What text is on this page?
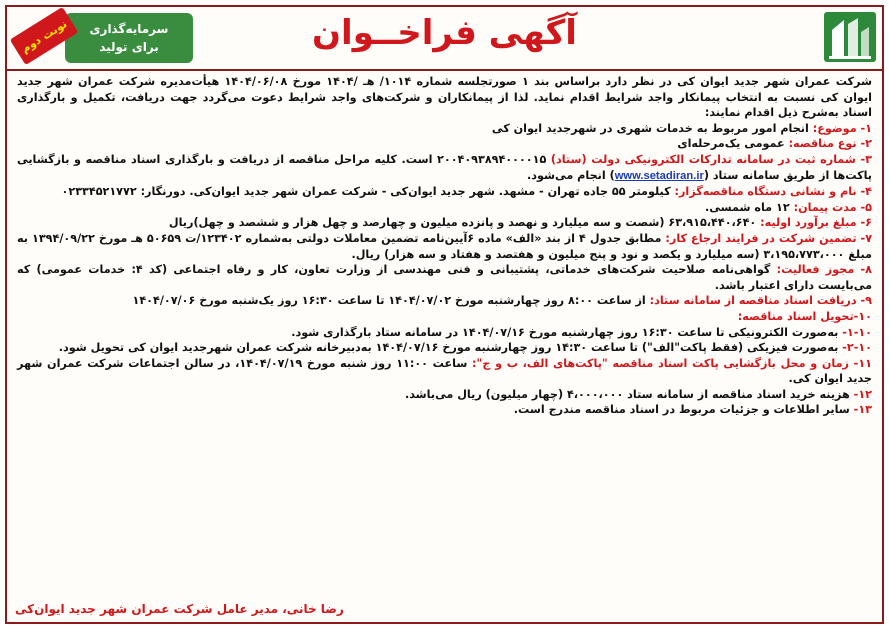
آگهی فراخــوان
سرمایه‌گذاری
برای تولید
نوبت دوم

شرکت عمران شهر جدید ایوان کی در نظر دارد براساس بند ۱ صورتجلسه شماره ۱۰۱۴/ هـ /۱۴۰۴ مورخ ۱۴۰۴/۰۶/۰۸ هیأت‌مدیره شرکت عمران شهر جدید ایوان کی نسبت به انتخاب پیمانکار واجد شرایط اقدام نماید. لذا از پیمانکاران و شرکت‌های واجد شرایط دعوت می‌گردد جهت دریافت، تکمیل و بارگذاری اسناد به‌شرح ذیل اقدام نمایند:

۱- موضوع: انجام امور مربوط به خدمات شهری در شهرجدید ایوان کی

۲- نوع مناقصه: عمومی یک‌مرحله‌ای

۳- شماره ثبت در سامانه تدارکات الکترونیکی دولت (ستاد) ۲۰۰۴۰۹۳۸۹۴۰۰۰۰۱۵ است. کلیه مراحل مناقصه از دریافت و بارگذاری اسناد مناقصه و بازگشایی پاکت‌ها از طریق سامانه ستاد (www.setadiran.ir) انجام می‌شود.

۴- نام و نشانی دستگاه مناقصه‌گزار: کیلومتر ۵۵ جاده تهران - مشهد. شهر جدید ایوان‌کی - شرکت عمران شهر جدید ایوان‌کی. دورنگار: ۰۲۳۳۴۵۲۱۷۷۲

۵- مدت پیمان: ۱۲ ماه شمسی.

۶- مبلغ برآورد اولیه: ۶۳،۹۱۵،۴۴۰،۶۴۰ (شصت و سه میلیارد و نهصد و پانزده میلیون و چهارصد و چهل هزار و ششصد و چهل)ریال

۷- تضمین شرکت در فرایند ارجاع کار: مطابق جدول ۴ از بند «الف» ماده ۶آیین‌نامه تضمین معاملات دولتی به‌شماره ۱۲۳۴۰۲/ت ۵۰۶۵۹ هـ مورخ ۱۳۹۴/۰۹/۲۲ به مبلغ ۳،۱۹۵،۷۷۳،۰۰۰ (سه میلیارد و یکصد و نود و پنج میلیون و هفتصد و هفتاد و سه هزار) ریال.

۸- مجوز فعالیت: گواهی‌نامه صلاحیت شرکت‌های خدماتی، پشتیبانی و فنی مهندسی از وزارت تعاون، کار و رفاه اجتماعی (کد ۴: خدمات عمومی) که می‌بایست دارای اعتبار باشد.

۹- دریافت اسناد مناقصه از سامانه ستاد: از ساعت ۸:۰۰ روز چهارشنبه مورخ ۱۴۰۴/۰۷/۰۲ تا ساعت ۱۶:۳۰ روز یک‌شنبه مورخ ۱۴۰۴/۰۷/۰۶

۱۰-تحویل اسناد مناقصه:

۱-۱۰- به‌صورت الکترونیکی تا ساعت ۱۶:۳۰ روز چهارشنبه مورخ ۱۴۰۴/۰۷/۱۶ در سامانه ستاد بارگذاری شود.

۲-۱۰- به‌صورت فیزیکی (فقط پاکت"الف") تا ساعت ۱۴:۳۰ روز چهارشنبه مورخ ۱۴۰۴/۰۷/۱۶ به‌دبیرخانه شرکت عمران شهرجدید ایوان کی تحویل شود.

۱۱- زمان و محل بازگشایی پاکت اسناد مناقصه "پاکت‌های الف، ب و ج": ساعت ۱۱:۰۰ روز شنبه مورخ ۱۴۰۴/۰۷/۱۹، در سالن اجتماعات شرکت عمران شهر جدید ایوان کی.

۱۲- هزینه خرید اسناد مناقصه از سامانه ستاد ۴،۰۰۰،۰۰۰ (چهار میلیون) ریال می‌باشد.

۱۳- سایر اطلاعات و جزئیات مربوط در اسناد مناقصه مندرج است.

رضا خانی، مدیر عامل شرکت عمران شهر جدید ایوان‌کی
